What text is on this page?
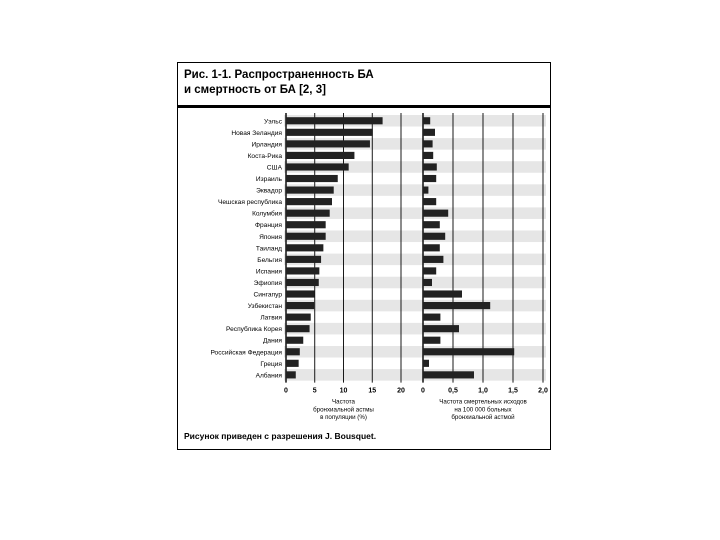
Рис. 1-1. Распространенность БА
и смертность от БА [2, 3]
Уэльс
Новая Зеландия
Ирландия
Коста-Рика
США
Израиль
Эквадор
Чешская республика
Колумбия
Франция
Япония
Таиланд
Бельгия
Испания
Эфиопия
Сингапур
Узбекистан
Латвия
Республика Корея
Дания
Российская Федерация
Греция
Албания
0	5	10	15	20
Частота
бронхиальной астмы
в популяции (%)
0	0,5	1,0	1,5	2,0
Частота смертельных исходов
на 100 000 больных
бронхиальной астмой
Рисунок приведен с разрешения J. Bousquet.
